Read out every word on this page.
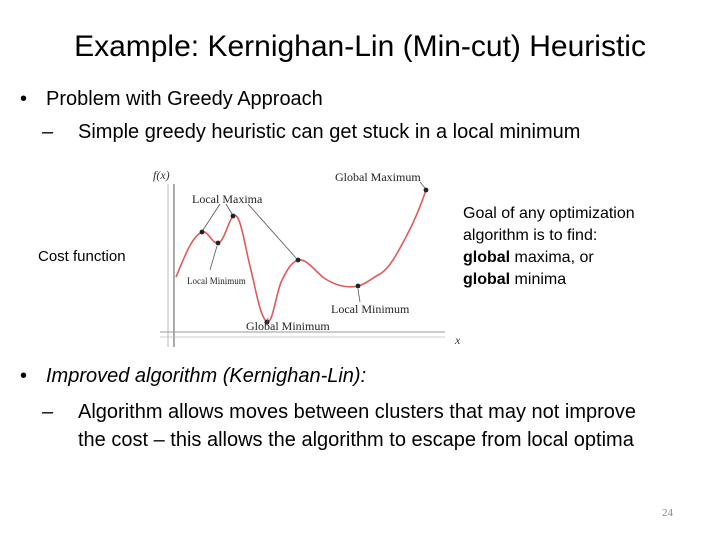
Example: Kernighan-Lin (Min-cut) Heuristic
• Problem with Greedy Approach
– Simple greedy heuristic can get stuck in a local minimum
Cost function
f(x)
x
Global Maximum
Local Maxima
Local Minimum
Global Minimum
Local Minimum
Goal of any optimization
algorithm is to find:
global maxima, or
global minima
• Improved algorithm (Kernighan-Lin):
– Algorithm allows moves between clusters that may not improve
the cost – this allows the algorithm to escape from local optima
24
